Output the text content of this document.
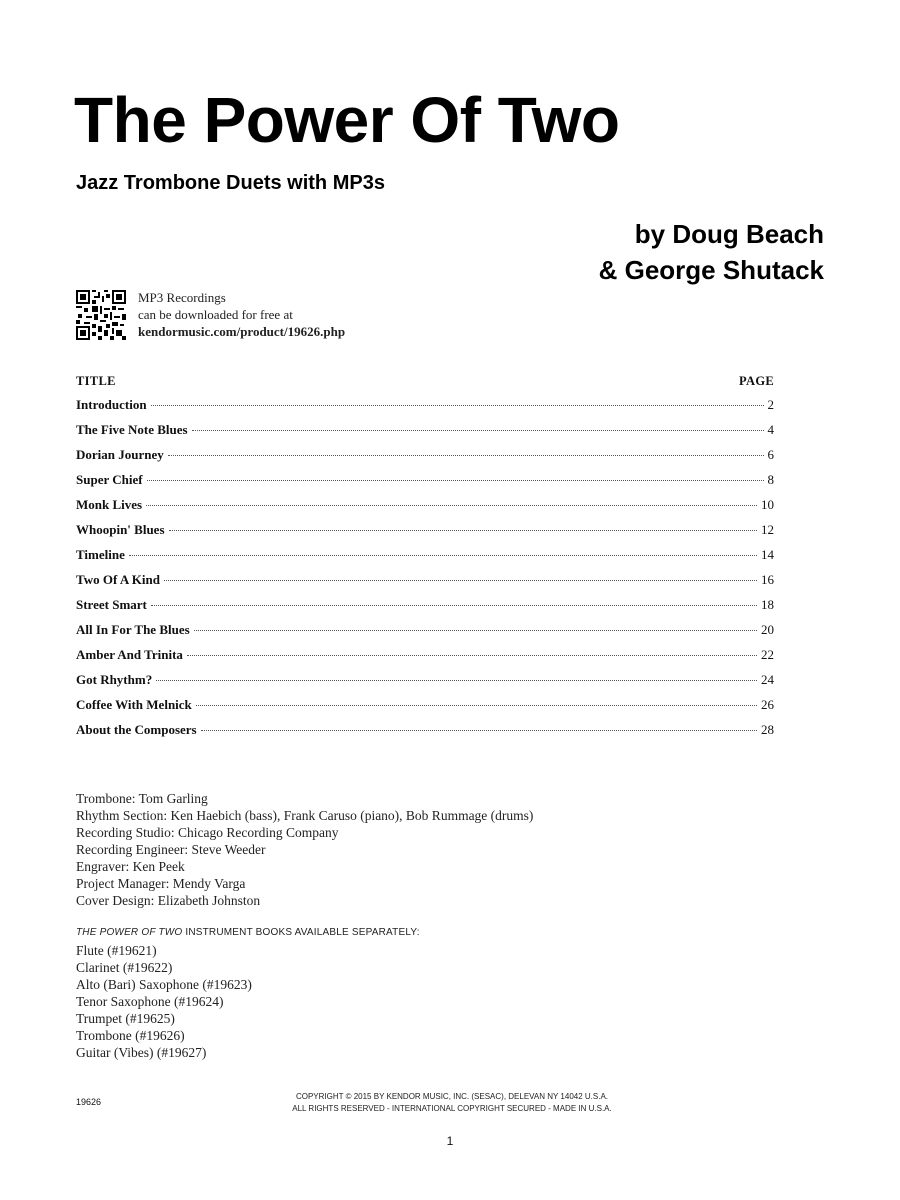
The Power Of Two
Jazz Trombone Duets with MP3s
by Doug Beach
& George Shutack
MP3 Recordings
can be downloaded for free at
kendormusic.com/product/19626.php
TITLE	PAGE
Introduction	2
The Five Note Blues	4
Dorian Journey	6
Super Chief	8
Monk Lives	10
Whoopin' Blues	12
Timeline	14
Two Of A Kind	16
Street Smart	18
All In For The Blues	20
Amber And Trinita	22
Got Rhythm?	24
Coffee With Melnick	26
About the Composers	28
Trombone: Tom Garling
Rhythm Section: Ken Haebich (bass), Frank Caruso (piano), Bob Rummage (drums)
Recording Studio: Chicago Recording Company
Recording Engineer: Steve Weeder
Engraver: Ken Peek
Project Manager: Mendy Varga
Cover Design: Elizabeth Johnston
THE POWER OF TWO INSTRUMENT BOOKS AVAILABLE SEPARATELY:
Flute (#19621)
Clarinet (#19622)
Alto (Bari) Saxophone (#19623)
Tenor Saxophone (#19624)
Trumpet (#19625)
Trombone (#19626)
Guitar (Vibes) (#19627)
19626
COPYRIGHT © 2015 BY KENDOR MUSIC, INC. (SESAC), DELEVAN NY 14042 U.S.A.
ALL RIGHTS RESERVED - INTERNATIONAL COPYRIGHT SECURED - MADE IN U.S.A.
1
